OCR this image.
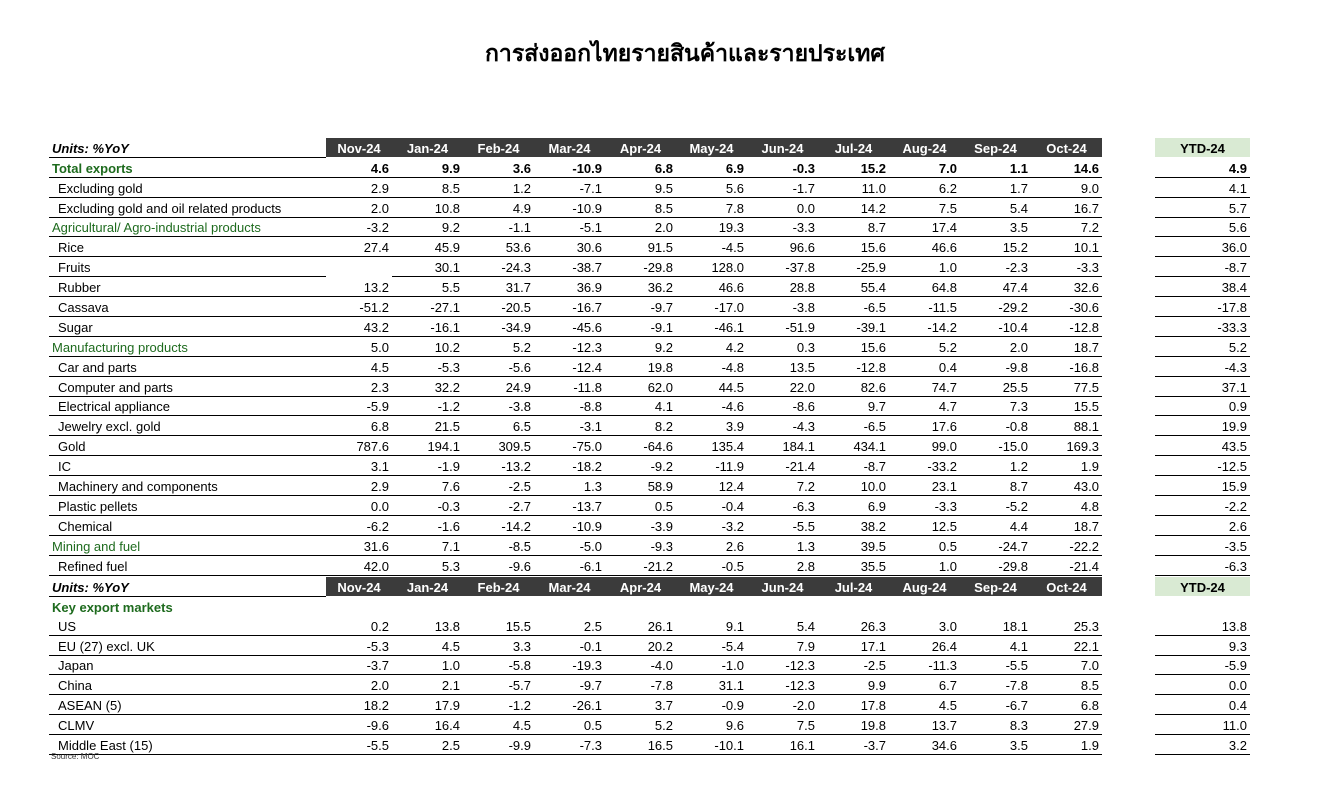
การส่งออกไทยรายสินค้าและรายประเทศ
Units: %YoY	Nov-24	Jan-24	Feb-24	Mar-24	Apr-24	May-24	Jun-24	Jul-24	Aug-24	Sep-24	Oct-24		YTD-24
Total exports	4.6	9.9	3.6	-10.9	6.8	6.9	-0.3	15.2	7.0	1.1	14.6		4.9
Excluding gold	2.9	8.5	1.2	-7.1	9.5	5.6	-1.7	11.0	6.2	1.7	9.0		4.1
Excluding gold and oil related products	2.0	10.8	4.9	-10.9	8.5	7.8	0.0	14.2	7.5	5.4	16.7		5.7
Agricultural/ Agro-industrial products	-3.2	9.2	-1.1	-5.1	2.0	19.3	-3.3	8.7	17.4	3.5	7.2		5.6
Rice	27.4	45.9	53.6	30.6	91.5	-4.5	96.6	15.6	46.6	15.2	10.1		36.0
Fruits		30.1	-24.3	-38.7	-29.8	128.0	-37.8	-25.9	1.0	-2.3	-3.3		-8.7
Rubber	13.2	5.5	31.7	36.9	36.2	46.6	28.8	55.4	64.8	47.4	32.6		38.4
Cassava	-51.2	-27.1	-20.5	-16.7	-9.7	-17.0	-3.8	-6.5	-11.5	-29.2	-30.6		-17.8
Sugar	43.2	-16.1	-34.9	-45.6	-9.1	-46.1	-51.9	-39.1	-14.2	-10.4	-12.8		-33.3
Manufacturing products	5.0	10.2	5.2	-12.3	9.2	4.2	0.3	15.6	5.2	2.0	18.7		5.2
Car and parts	4.5	-5.3	-5.6	-12.4	19.8	-4.8	13.5	-12.8	0.4	-9.8	-16.8		-4.3
Computer and parts	2.3	32.2	24.9	-11.8	62.0	44.5	22.0	82.6	74.7	25.5	77.5		37.1
Electrical appliance	-5.9	-1.2	-3.8	-8.8	4.1	-4.6	-8.6	9.7	4.7	7.3	15.5		0.9
Jewelry excl. gold	6.8	21.5	6.5	-3.1	8.2	3.9	-4.3	-6.5	17.6	-0.8	88.1		19.9
Gold	787.6	194.1	309.5	-75.0	-64.6	135.4	184.1	434.1	99.0	-15.0	169.3		43.5
IC	3.1	-1.9	-13.2	-18.2	-9.2	-11.9	-21.4	-8.7	-33.2	1.2	1.9		-12.5
Machinery and components	2.9	7.6	-2.5	1.3	58.9	12.4	7.2	10.0	23.1	8.7	43.0		15.9
Plastic pellets	0.0	-0.3	-2.7	-13.7	0.5	-0.4	-6.3	6.9	-3.3	-5.2	4.8		-2.2
Chemical	-6.2	-1.6	-14.2	-10.9	-3.9	-3.2	-5.5	38.2	12.5	4.4	18.7		2.6
Mining and fuel	31.6	7.1	-8.5	-5.0	-9.3	2.6	1.3	39.5	0.5	-24.7	-22.2		-3.5
Refined fuel	42.0	5.3	-9.6	-6.1	-21.2	-0.5	2.8	35.5	1.0	-29.8	-21.4		-6.3
Units: %YoY	Nov-24	Jan-24	Feb-24	Mar-24	Apr-24	May-24	Jun-24	Jul-24	Aug-24	Sep-24	Oct-24		YTD-24
Key export markets													
US	0.2	13.8	15.5	2.5	26.1	9.1	5.4	26.3	3.0	18.1	25.3		13.8
EU (27) excl. UK	-5.3	4.5	3.3	-0.1	20.2	-5.4	7.9	17.1	26.4	4.1	22.1		9.3
Japan	-3.7	1.0	-5.8	-19.3	-4.0	-1.0	-12.3	-2.5	-11.3	-5.5	7.0		-5.9
China	2.0	2.1	-5.7	-9.7	-7.8	31.1	-12.3	9.9	6.7	-7.8	8.5		0.0
ASEAN (5)	18.2	17.9	-1.2	-26.1	3.7	-0.9	-2.0	17.8	4.5	-6.7	6.8		0.4
CLMV	-9.6	16.4	4.5	0.5	5.2	9.6	7.5	19.8	13.7	8.3	27.9		11.0
Middle East (15)	-5.5	2.5	-9.9	-7.3	16.5	-10.1	16.1	-3.7	34.6	3.5	1.9		3.2
Source: MOC
